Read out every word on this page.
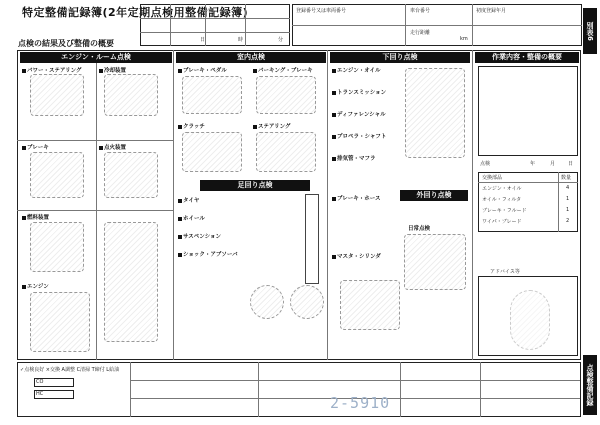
特定整備記録簿(2年定期点検用整備記録簿)
点検の結果及び整備の概要	日	時	分
登録番号又は車両番号	車台番号	初度登録年月
走行距離
km	別表6
点検整備記録
エンジン・ルーム点検
パワー・ステアリング	冷却装置
ブレーキ	点火装置
燃料装置
エンジン
室内点検
ブレーキ・ペダル	パーキング・ブレーキ
クラッチ	ステアリング
足回り点検
タイヤ
ホイール
サスペンション
ショック・アブソーバ
下回り点検
エンジン・オイル
トランスミッション
ディファレンシャル
プロペラ・シャフト
排気管・マフラ
ブレーキ・ホース
マスタ・シリンダ
外回り点検
日常点検
作業内容・整備の概要
点検	年	月	日
交換部品	数量
エンジン・オイル	4
オイル・フィルタ	1
ブレーキ・フルード	1
ワイパ・ブレード	2
アドバイス等
✓点検良好 ×交換 A調整 C清掃 T締付 L給油
CO
HC	2-5910
